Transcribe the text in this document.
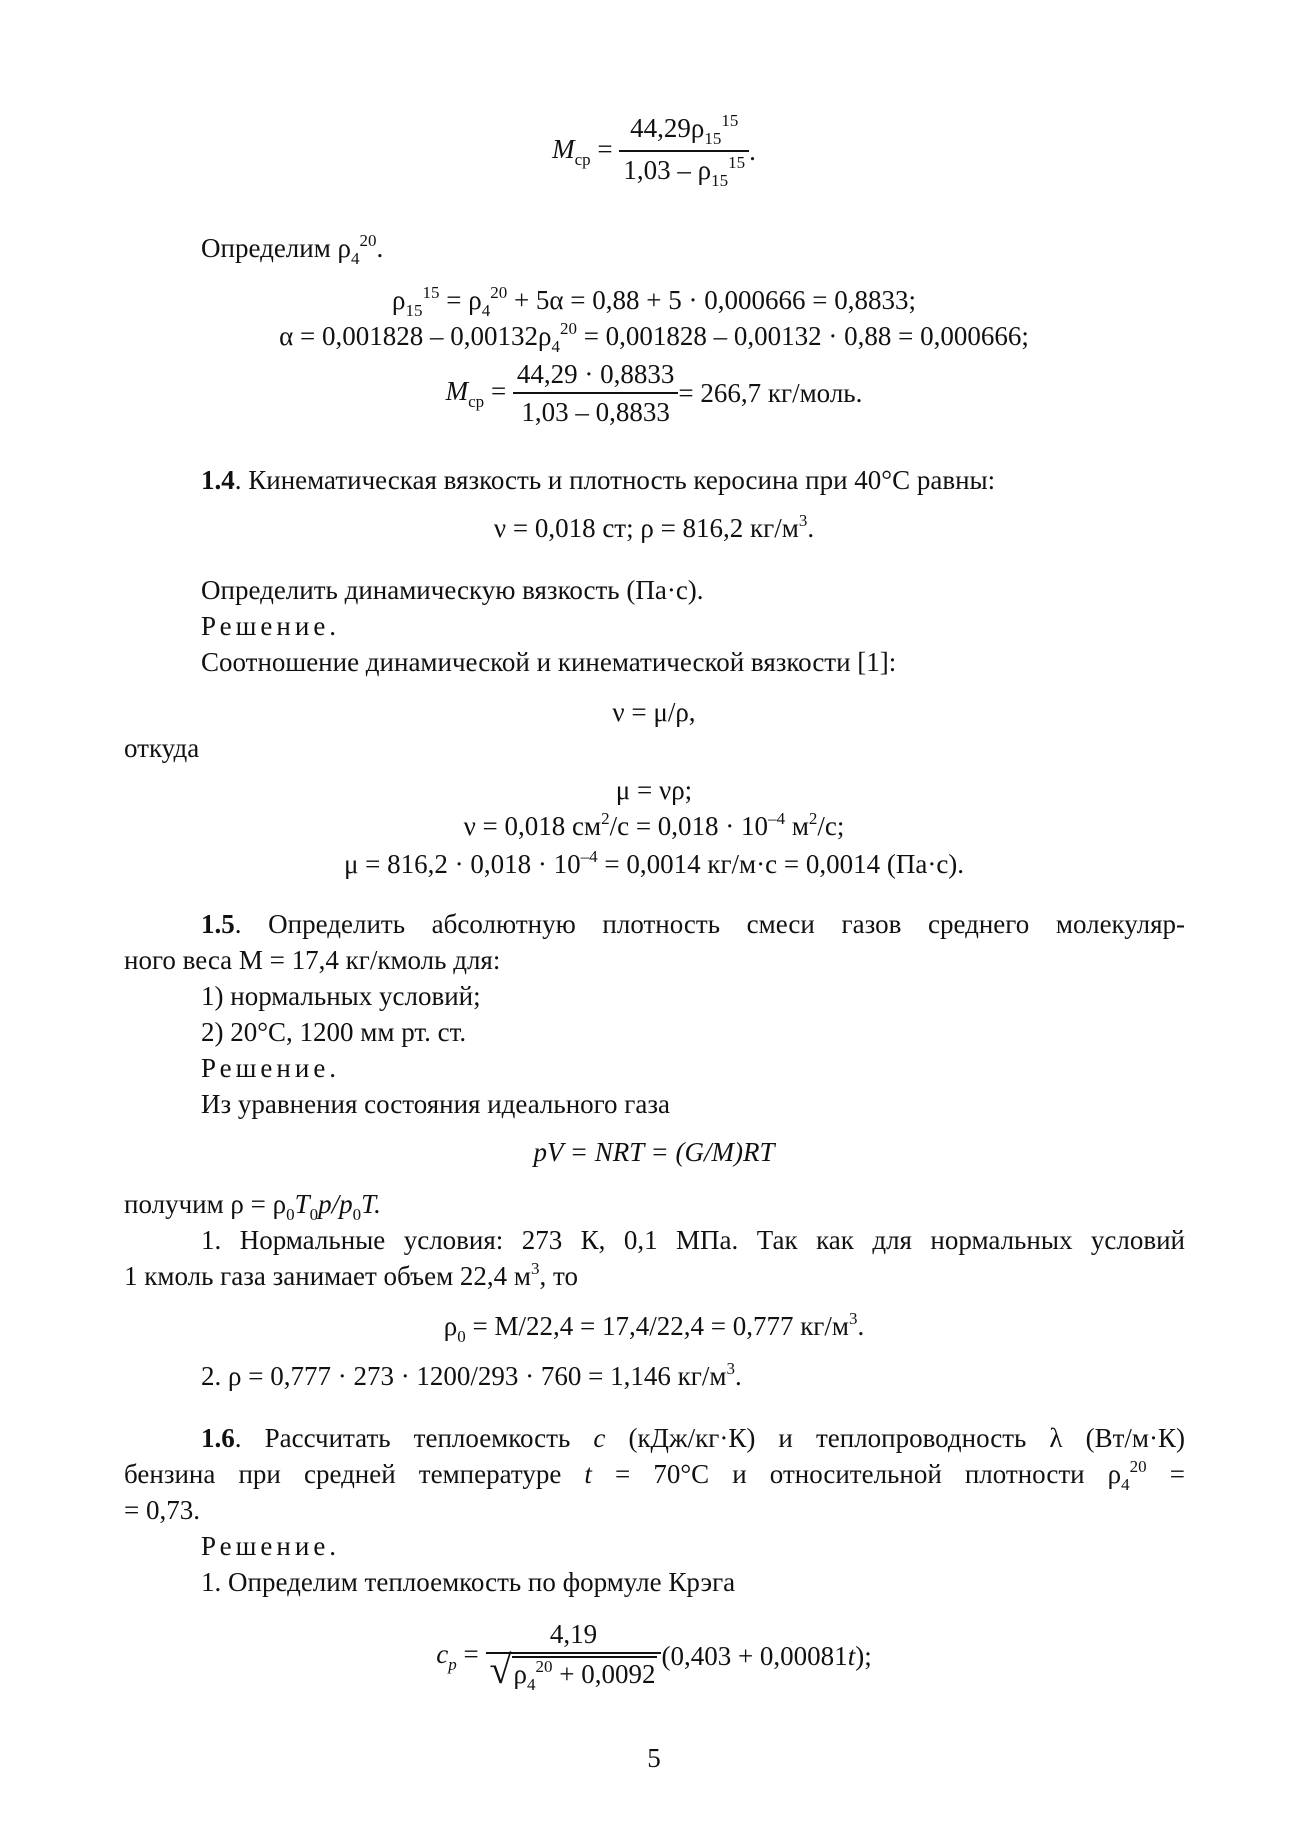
$M_{ср} = \frac{44,29\rho_{15}^{15}}{1,03 - \rho_{15}^{15}}$ .
Определим $\rho_4^{20}$.
$\rho_{15}^{15} = \rho_4^{20} + 5\alpha = 0,88 + 5 \cdot 0,000666 = 0,8833$;
$\alpha = 0,001828 - 0,00132\rho_4^{20} = 0,001828 - 0,00132 \cdot 0,88 = 0,000666$;
$M_{ср} = \frac{44,29 \cdot 0,8833}{1,03 - 0,8833} = 266,7$ кг/моль.
1.4. Кинематическая вязкость и плотность керосина при 40°С равны:
ν = 0,018 ст; ρ = 816,2 $кг/м^3$.
Определить динамическую вязкость (Па·с).
Решение.
Соотношение динамической и кинематической вязкости [1]:
ν = μ/ρ,
откуда
μ = νρ;
ν = 0,018 $см^2/с = 0,018 \cdot 10^{-4}$ $м^2/с$;
$\mu = 816,2 \cdot 0,018 \cdot 10^{-4} = 0,0014$ кг/м·с = 0,0014 (Па·с).
1.5. Определить абсолютную плотность смеси газов среднего молекуляр-
ного веса М = 17,4 кг/кмоль для:
1) нормальных условий;
2) 20°С, 1200 мм рт. ст.
Решение.
Из уравнения состояния идеального газа
pV = NRT = (G/M)RT
получим $\rho = \rho_0T_0p/p_0T$.
1. Нормальные условия: 273 К, 0,1 МПа. Так как для нормальных условий
1 кмоль газа занимает объем 22,4 $м^3$, то
$\rho_0 = М/22,4 = 17,4/22,4 = 0,777$ $кг/м^3$.
2. ρ = 0,777 · 273 · 1200/293 · 760 = 1,146 $кг/м^3$.
1.6. Рассчитать теплоемкость c (кДж/кг·К) и теплопроводность λ (Вт/м·К)
бензина при средней температуре t = 70°С и относительной плотности $\rho_4^{20}$ =
= 0,73.
Решение.
1. Определим теплоемкость по формуле Крэга
$c_p = \frac{4,19}{√ \rho_4^{20} + 0,0092} (0,403 + 0,00081t)$;
5
